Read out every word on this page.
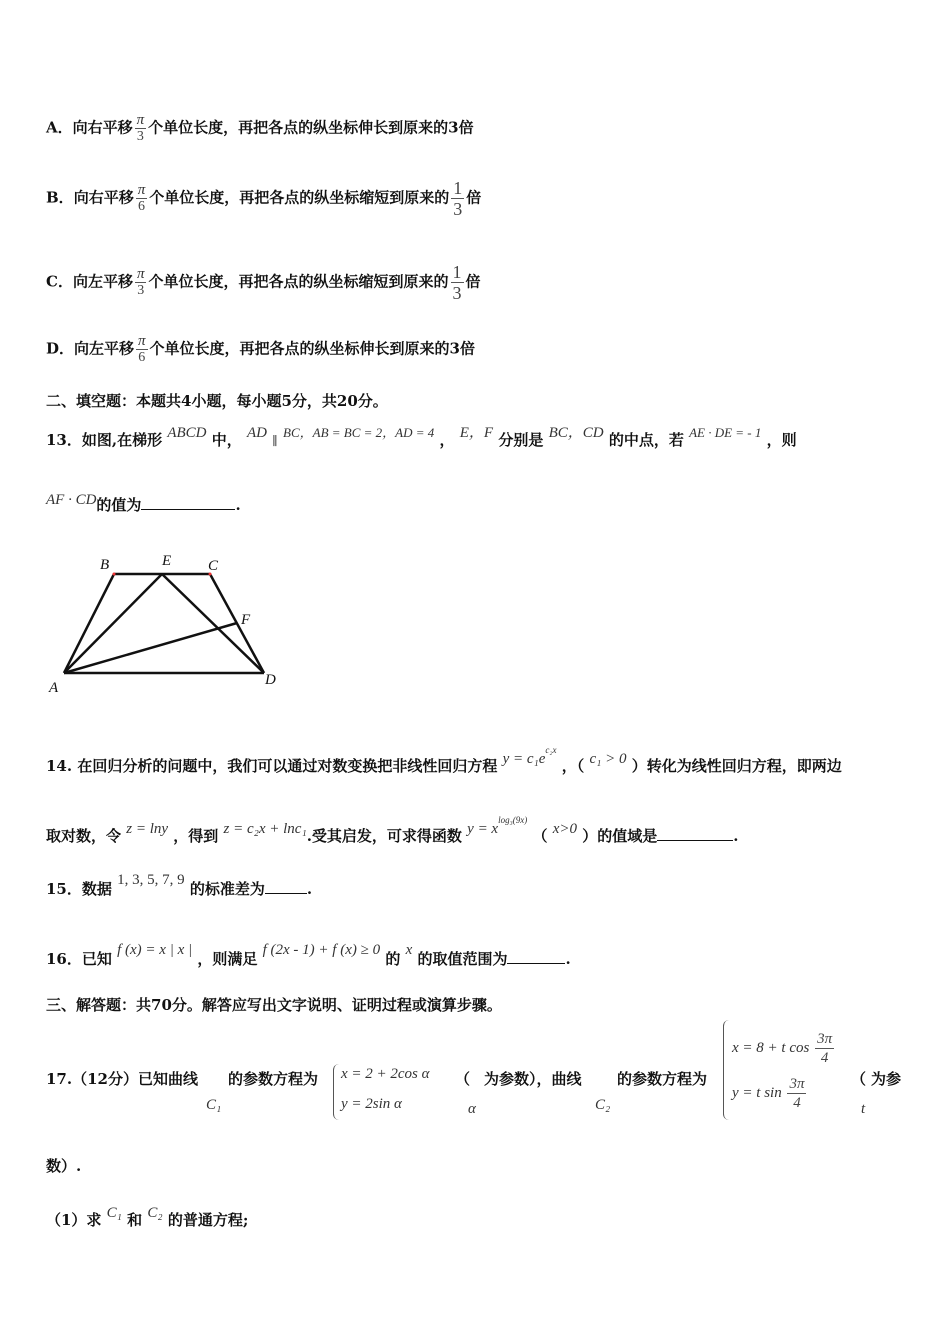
A．向右平移 $\frac{\pi}{3}$ 个单位长度，再把各点的纵坐标伸长到原来的3倍
B．向右平移 $\frac{\pi}{6}$ 个单位长度，再把各点的纵坐标缩短到原来的 $\frac{1}{3}$ 倍
C．向左平移 $\frac{\pi}{3}$ 个单位长度，再把各点的纵坐标缩短到原来的 $\frac{1}{3}$ 倍
D．向左平移 $\frac{\pi}{6}$ 个单位长度，再把各点的纵坐标伸长到原来的3倍
二、填空题：本题共4小题，每小题5分，共20分。
13．如图,在梯形 ABCD 中， AD ∥ BC，AB = BC = 2，AD = 4 ， E，F 分别是 BC，CD 的中点，若 AE · DE = - 1 ，则
AF · CD的值为	.
B	E C
F
A	D
14. 在回归分析的问题中，我们可以通过对数变换把非线性回归方程 $y = c_1e^{c_2x}$ ，（ c₁ > 0 ）转化为线性回归方程，即两边
取对数，令 z = lny ，得到 z = c₂x + lnc₁.受其启发，可求得函数 $y = x^{log_3(9x)}$ （ x>0 ）的值域是	.
15．数据 1, 3, 5, 7, 9 的标准差为	.
16．已知 f (x) = x | x | ，则满足 f (2x - 1) + f (x) ≥ 0 的 x 的取值范围为	.
三、解答题：共70分。解答应写出文字说明、证明过程或演算步骤。
17.（12分）已知曲线
C₁
的参数方程为 x = 2 + 2cos α
y = 2sin α
（ 为参数），曲线
α	C₂
的参数方程为
x = 8 + t $\cos \frac{3\pi}{4}$
y = t $\sin \frac{3\pi}{4}$	（ 为参
t
数）.
（1）求 C₁ 和 C₂ 的普通方程;
